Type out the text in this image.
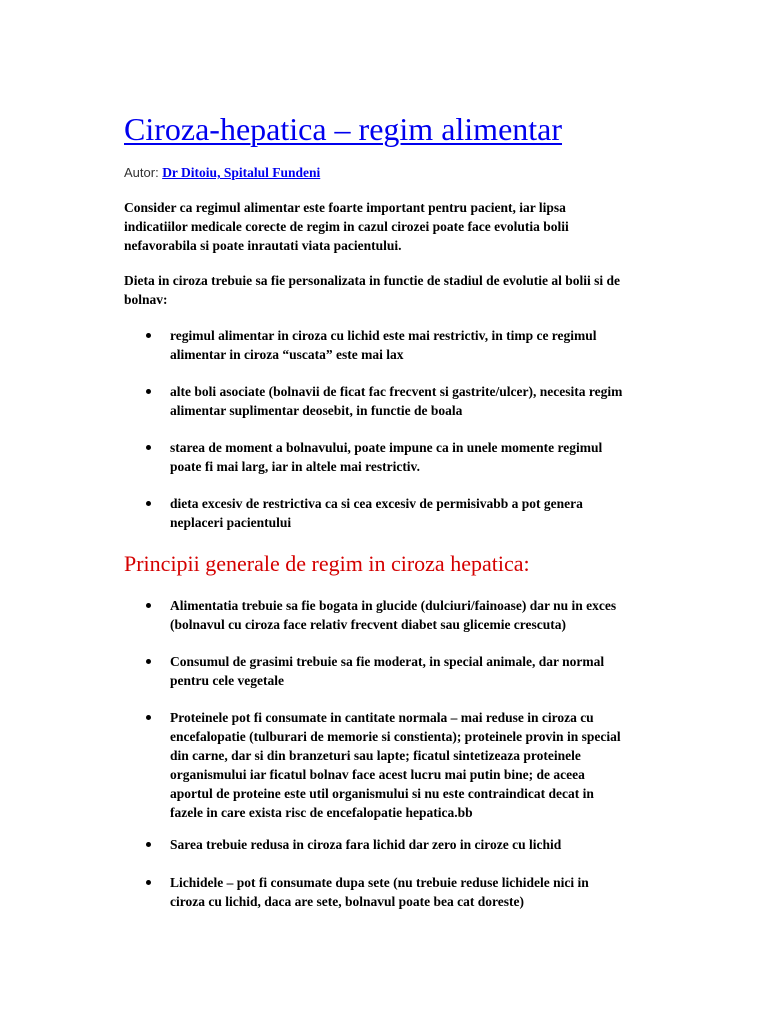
Ciroza-hepatica – regim alimentar
Autor: Dr Ditoiu, Spitalul Fundeni

Consider ca regimul alimentar este foarte important pentru pacient, iar lipsa
indicatiilor medicale corecte de regim in cazul cirozei poate face evolutia bolii
nefavorabila si poate inrautati viata pacientului.

Dieta in ciroza trebuie sa fie personalizata in functie de stadiul de evolutie al bolii si de
bolnav:

regimul alimentar in ciroza cu lichid este mai restrictiv, in timp ce regimul
alimentar in ciroza “uscata” este mai lax
alte boli asociate (bolnavii de ficat fac frecvent si gastrite/ulcer), necesita regim
alimentar suplimentar deosebit, in functie de boala
starea de moment a bolnavului, poate impune ca in unele momente regimul
poate fi mai larg, iar in altele mai restrictiv.
dieta excesiv de restrictiva ca si cea excesiv de permisivabb a pot genera
neplaceri pacientului
Principii generale de regim in ciroza hepatica:
Alimentatia trebuie sa fie bogata in glucide (dulciuri/fainoase) dar nu in exces
(bolnavul cu ciroza face relativ frecvent diabet sau glicemie crescuta)
Consumul de grasimi trebuie sa fie moderat, in special animale, dar normal
pentru cele vegetale
Proteinele pot fi consumate in cantitate normala – mai reduse in ciroza cu
encefalopatie (tulburari de memorie si constienta); proteinele provin in special
din carne, dar si din branzeturi sau lapte; ficatul sintetizeaza proteinele
organismului iar ficatul bolnav face acest lucru mai putin bine; de aceea
aportul de proteine este util organismului si nu este contraindicat decat in
fazele in care exista risc de encefalopatie hepatica.bb
Sarea trebuie redusa in ciroza fara lichid dar zero in ciroze cu lichid
Lichidele – pot fi consumate dupa sete (nu trebuie reduse lichidele nici in
ciroza cu lichid, daca are sete, bolnavul poate bea cat doreste)
